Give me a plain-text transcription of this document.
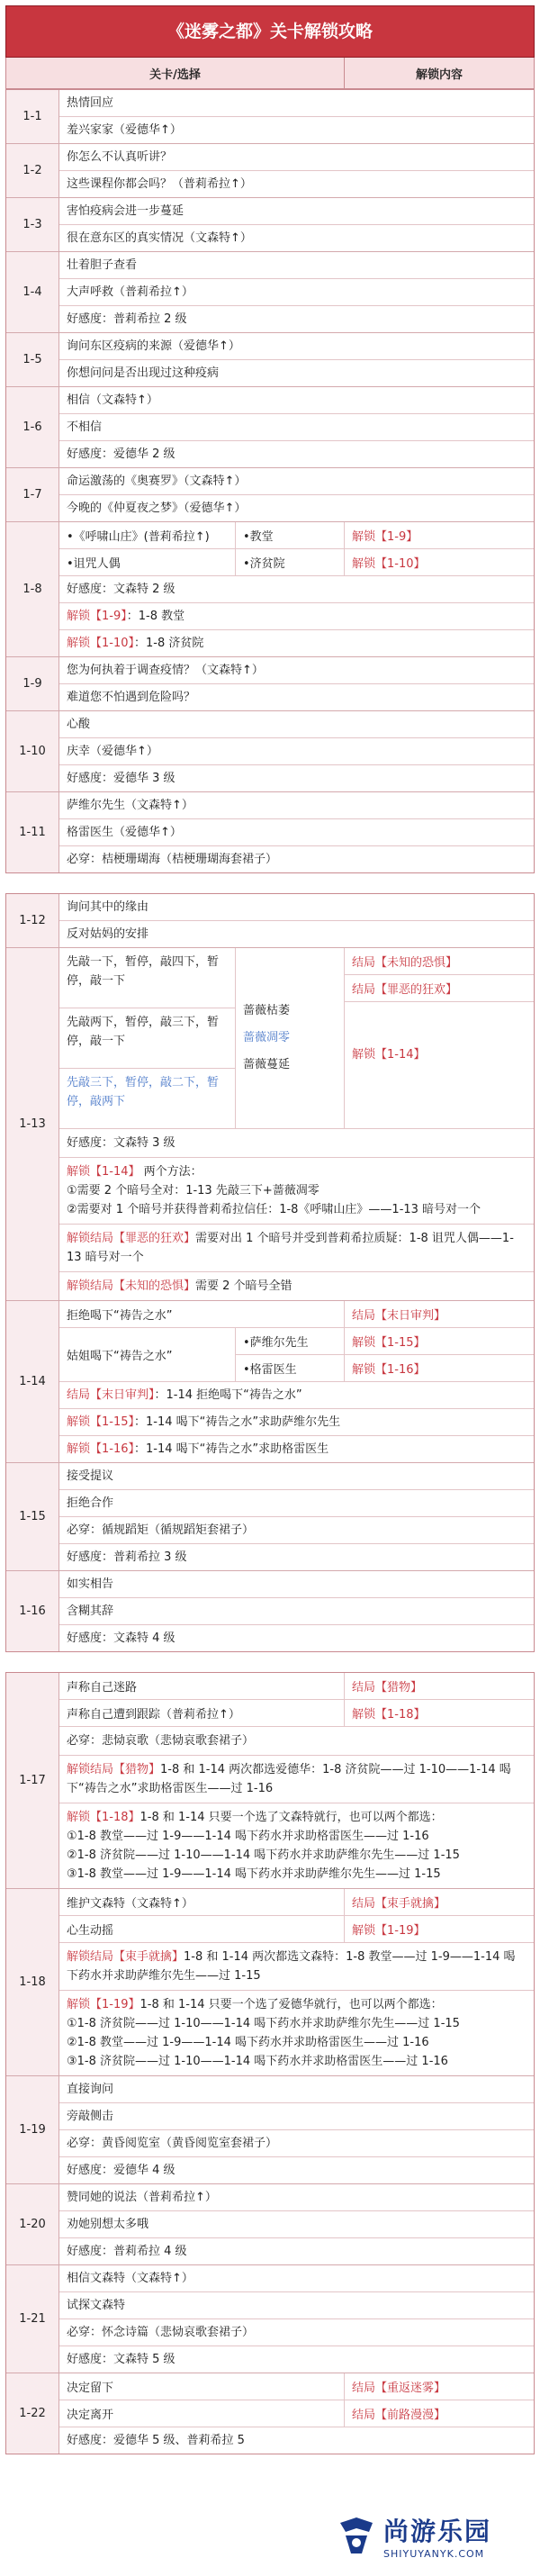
《迷雾之都》关卡解锁攻略
关卡/选择	解锁内容
1-1
热情回应
羞兴家家（爱德华↑）
1-2
你怎么不认真听讲？
这些课程你都会吗？（普莉希拉↑）
1-3
害怕疫病会进一步蔓延
很在意东区的真实情况（文森特↑）
1-4
壮着胆子查看
大声呼救（普莉希拉↑）
好感度：普莉希拉 2 级
1-5
询问东区疫病的来源（爱德华↑）
你想问问是否出现过这种疫病
1-6
相信（文森特↑）
不相信
好感度：爱德华 2 级
1-7
命运激荡的《奥赛罗》（文森特↑）
今晚的《仲夏夜之梦》（爱德华↑）
1-8
•《呼啸山庄》(普莉希拉↑)
•诅咒人偶
•教堂
•济贫院
解锁【1-9】
解锁【1-10】
好感度：文森特 2 级
解锁【1-9】：1-8 教堂
解锁【1-10】：1-8 济贫院
1-9
您为何执着于调查疫情？（文森特↑）
难道您不怕遇到危险吗？
1-10
心酸
庆幸（爱德华↑）
好感度：爱德华 3 级
1-11
萨维尔先生（文森特↑）
格雷医生（爱德华↑）
必穿：桔梗珊瑚海（桔梗珊瑚海套裙子）
1-12
询问其中的缘由
反对姑妈的安排
1-13
先敲一下，暂停，敲四下，暂停，敲一下
先敲两下，暂停，敲三下，暂停，敲一下
先敲三下，暂停，敲二下，暂停，敲两下
蔷薇枯萎
蔷薇凋零
蔷薇蔓延
结局【未知的恐惧】
结局【罪恶的狂欢】
解锁【1-14】
好感度：文森特 3 级
解锁【1-14】 两个方法：
①需要 2 个暗号全对：1-13 先敲三下+蔷薇凋零
②需要对 1 个暗号并获得普莉希拉信任：1-8《呼啸山庄》——1-13 暗号对一个
解锁结局【罪恶的狂欢】需要对出 1 个暗号并受到普莉希拉质疑：1-8 诅咒人偶——1-13 暗号对一个
解锁结局【未知的恐惧】需要 2 个暗号全错
1-14
拒绝喝下“祷告之水”
姑姐喝下“祷告之水”
•萨维尔先生
•格雷医生
结局【末日审判】
解锁【1-15】
解锁【1-16】
结局【末日审判】：1-14 拒绝喝下“祷告之水”
解锁【1-15】：1-14 喝下“祷告之水”求助萨维尔先生
解锁【1-16】：1-14 喝下“祷告之水”求助格雷医生
1-15
接受提议
拒绝合作
必穿：循规蹈矩（循规蹈矩套裙子）
好感度：普莉希拉 3 级
1-16
如实相告
含糊其辞
好感度：文森特 4 级
1-17
声称自己迷路
声称自己遭到跟踪（普莉希拉↑）
结局【猎物】
解锁【1-18】
必穿：悲恸哀歌（悲恸哀歌套裙子）
解锁结局【猎物】1-8 和 1-14 两次都选爱德华：1-8 济贫院——过 1-10——1-14 喝下“祷告之水”求助格雷医生——过 1-16
解锁【1-18】1-8 和 1-14 只要一个选了文森特就行，也可以两个都选：
①1-8 教堂——过 1-9——1-14 喝下药水并求助格雷医生——过 1-16
②1-8 济贫院——过 1-10——1-14 喝下药水并求助萨维尔先生——过 1-15
③1-8 教堂——过 1-9——1-14 喝下药水并求助萨维尔先生——过 1-15
1-18
维护文森特（文森特↑）
心生动摇
结局【束手就擒】
解锁【1-19】
解锁结局【束手就擒】1-8 和 1-14 两次都选文森特：1-8 教堂——过 1-9——1-14 喝下药水并求助萨维尔先生——过 1-15
解锁【1-19】1-8 和 1-14 只要一个选了爱德华就行，也可以两个都选：
①1-8 济贫院——过 1-10——1-14 喝下药水并求助萨维尔先生——过 1-15
②1-8 教堂——过 1-9——1-14 喝下药水并求助格雷医生——过 1-16
③1-8 济贫院——过 1-10——1-14 喝下药水并求助格雷医生——过 1-16
1-19
直接询问
旁敲侧击
必穿：黄昏阅览室（黄昏阅览室套裙子）
好感度：爱德华 4 级
1-20
赞同她的说法（普莉希拉↑）
劝她别想太多哦
好感度：普莉希拉 4 级
1-21
相信文森特（文森特↑）
试探文森特
必穿：怀念诗篇（悲恸哀歌套裙子）
好感度：文森特 5 级
1-22
决定留下
决定离开
结局【重返迷雾】
结局【前路漫漫】
好感度：爱德华 5 级、普莉希拉 5
尚游乐园
SHIYUYANYK.COM
